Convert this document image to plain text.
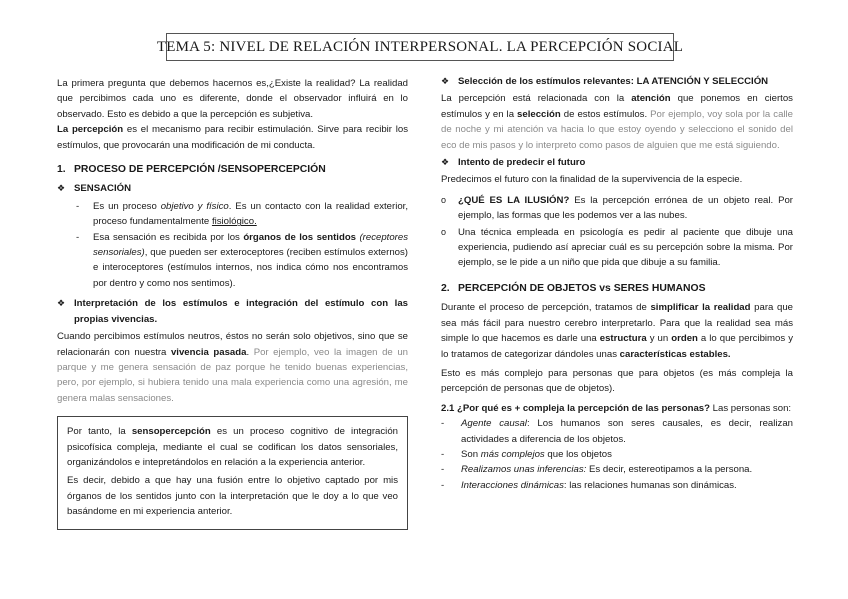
TEMA 5: NIVEL DE RELACIÓN INTERPERSONAL. LA PERCEPCIÓN SOCIAL

La primera pregunta que debemos hacernos es,¿Existe la realidad? La realidad que percibimos cada uno es diferente, donde el observador influirá en lo observado. Esto es debido a que la percepción es subjetiva.

La percepción es el mecanismo para recibir estimulación. Sirve para recibir los estímulos, que provocarán una modificación de mi conducta.

1. PROCESO DE PERCEPCIÓN /SENSOPERCEPCIÓN
❖ SENSACIÓN
-	Es un proceso objetivo y físico. Es un contacto con la realidad exterior, proceso fundamentalmente fisiológico.
-	Esa sensación es recibida por los órganos de los sentidos (receptores sensoriales), que pueden ser exteroceptores (reciben estímulos externos) e interoceptores (estímulos internos, nos indica cómo nos encontramos por dentro y como nos sentimos).
❖ Interpretación de los estímulos e integración del estímulo con las propias vivencias.

Cuando percibimos estímulos neutros, éstos no serán solo objetivos, sino que se relacionarán con nuestra vivencia pasada. Por ejemplo, veo la imagen de un parque y me genera sensación de paz porque he tenido buenas experiencias, pero, por ejemplo, si hubiera tenido una mala experiencia como una agresión, me genera malas sensaciones.

Por tanto, la sensopercepción es un proceso cognitivo de integración psicofísica compleja, mediante el cual se codifican los datos sensoriales, organizándolos e intepretándolos en relación a la experiencia anterior.

Es decir, debido a que hay una fusión entre lo objetivo captado por mis órganos de los sentidos junto con la interpretación que le doy a lo que veo basándome en mi experiencia anterior.

❖ Selección de los estímulos relevantes: LA ATENCIÓN Y SELECCIÓN

La percepción está relacionada con la atención que ponemos en ciertos estímulos y en la selección de estos estímulos. Por ejemplo, voy sola por la calle de noche y mi atención va hacia lo que estoy oyendo y selecciono el sonido del eco de mis pasos y lo interpreto como pasos de alguien que me está siguiendo.

❖ Intento de predecir el futuro

Predecimos el futuro con la finalidad de la supervivencia de la especie.

o	¿QUÉ ES LA ILUSIÓN? Es la percepción errónea de un objeto real. Por ejemplo, las formas que les podemos ver a las nubes.
o	Una técnica empleada en psicología es pedir al paciente que dibuje una experiencia, pudiendo así apreciar cuál es su percepción sobre la misma. Por ejemplo, se le pide a un niño que pida que dibuje a su familia.
2. PERCEPCIÓN DE OBJETOS vs SERES HUMANOS

Durante el proceso de percepción, tratamos de simplificar la realidad para que sea más fácil para nuestro cerebro interpretarlo. Para que la realidad sea más simple lo que hacemos es darle una estructura y un orden a lo que percibimos y lo tratamos de categorizar dándoles unas características estables.

Esto es más complejo para personas que para objetos (es más compleja la percepción de personas que de objetos).

2.1 ¿Por qué es + compleja la percepción de las personas? Las personas son:

-	Agente causal: Los humanos son seres causales, es decir, realizan actividades a diferencia de los objetos.
-	Son más complejos que los objetos
-	Realizamos unas inferencias: Es decir, estereotipamos a la persona.
-	Interacciones dinámicas: las relaciones humanas son dinámicas.
